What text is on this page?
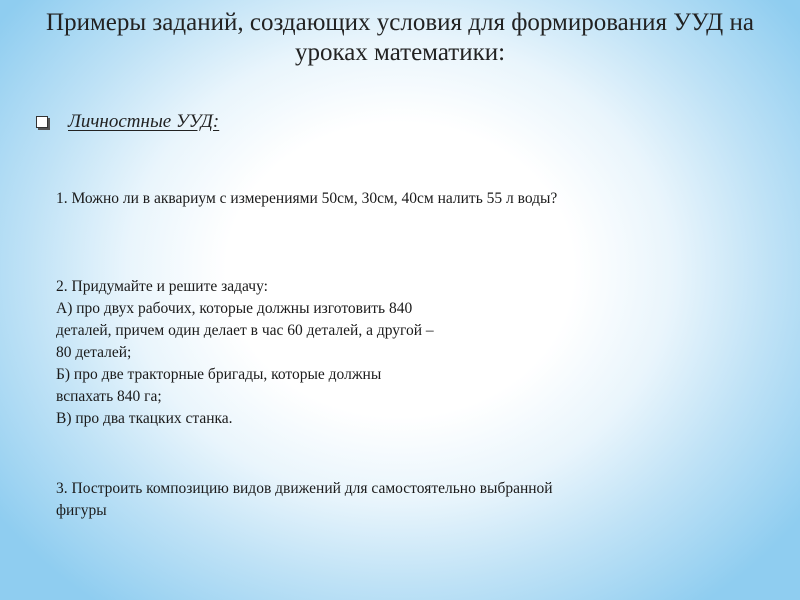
Примеры заданий, создающих условия для формирования УУД на
уроках математики:
Личностные УУД:
1. Можно ли в аквариум с измерениями 50см, 30см, 40см налить 55 л воды?
2. Придумайте и решите задачу:
А) про двух рабочих, которые должны изготовить 840
деталей, причем один делает в час 60 деталей, а другой –
80 деталей;
Б) про две тракторные бригады, которые должны
вспахать 840 га;
В) про два ткацких станка.
3. Построить композицию видов движений для самостоятельно выбранной
фигуры
